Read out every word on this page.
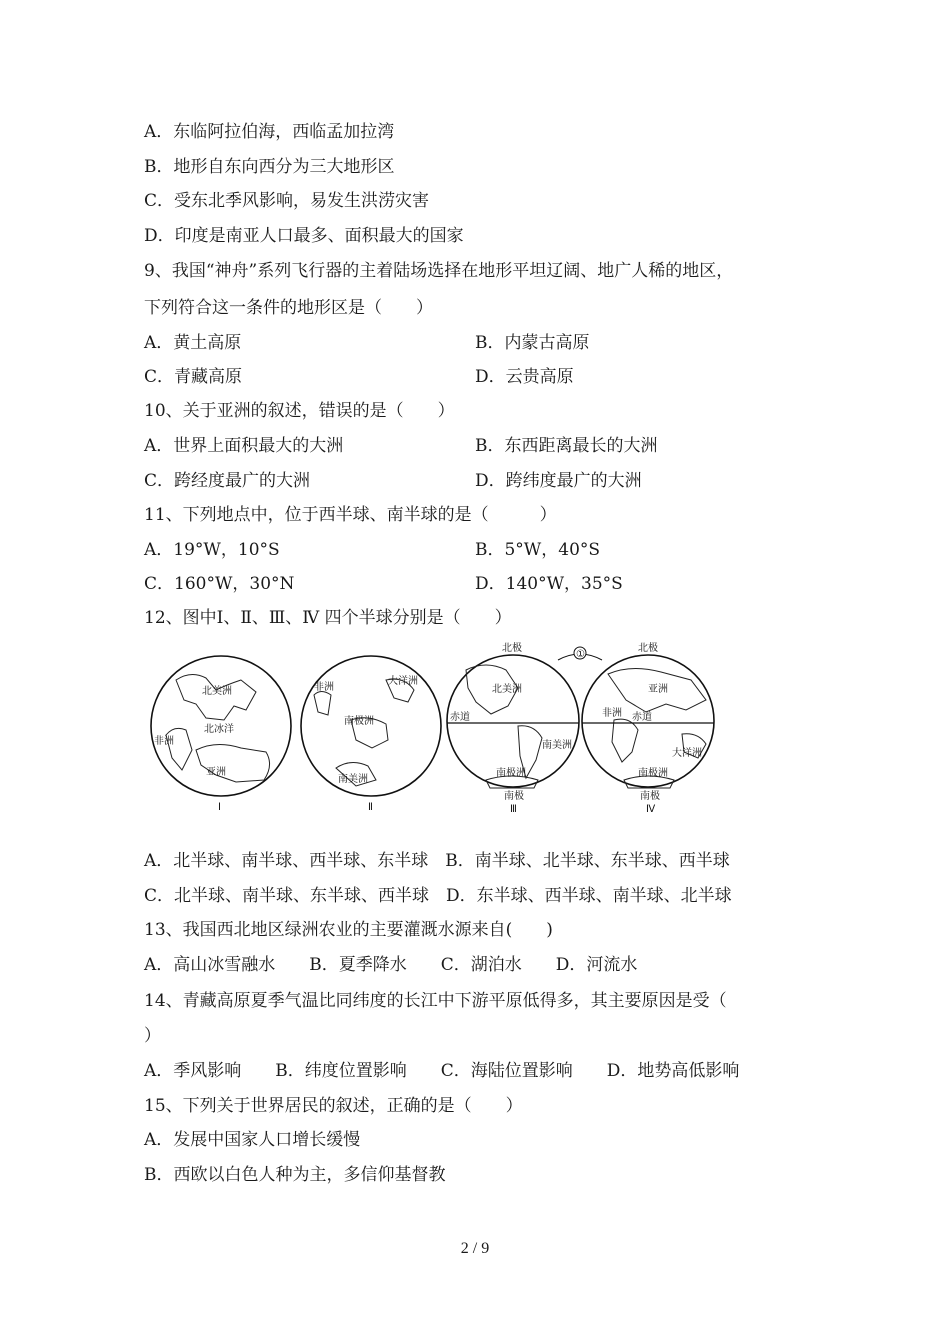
A．东临阿拉伯海，西临孟加拉湾
B．地形自东向西分为三大地形区
C．受东北季风影响，易发生洪涝灾害
D．印度是南亚人口最多、面积最大的国家
9、我国“神舟”系列飞行器的主着陆场选择在地形平坦辽阔、地广人稀的地区，
下列符合这一条件的地形区是（　　）
A．黄土高原	B．内蒙古高原
C．青藏高原	D．云贵高原
10、关于亚洲的叙述，错误的是（　　）
A．世界上面积最大的大洲	B．东西距离最长的大洲
C．跨经度最广的大洲	D．跨纬度最广的大洲
11、下列地点中，位于西半球、南半球的是（　　　）
A．19°W，10°S	B．5°W，40°S
C．160°W，30°N	D．140°W，35°S
12、图中Ⅰ、Ⅱ、Ⅲ、Ⅳ 四个半球分别是（　　）
北美洲
北冰洋
非洲
亚洲
Ⅰ
非洲
大洋洲
南极洲
南美洲
Ⅱ
北极
北美洲
赤道
南美洲
南极洲
南极
Ⅲ
①
北极
亚洲
非洲 赤道
大洋洲
南极洲
南极
Ⅳ
A．北半球、南半球、西半球、东半球　B．南半球、北半球、东半球、西半球
C．北半球、南半球、东半球、西半球　D．东半球、西半球、南半球、北半球
13、我国西北地区绿洲农业的主要灌溉水源来自(　　)
A．高山冰雪融水　　B．夏季降水　　C．湖泊水　　D．河流水
14、青藏高原夏季气温比同纬度的长江中下游平原低得多，其主要原因是受（
）
A．季风影响　　B．纬度位置影响　　C．海陆位置影响　　D．地势高低影响
15、下列关于世界居民的叙述，正确的是（　　）
A．发展中国家人口增长缓慢
B．西欧以白色人种为主，多信仰基督教
2 / 9
